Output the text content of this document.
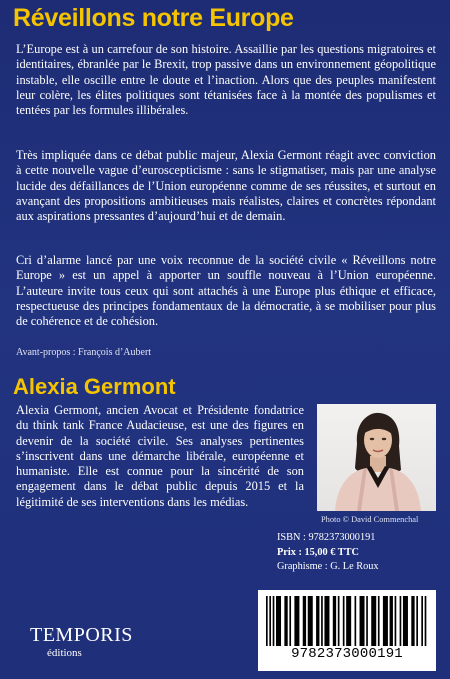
Réveillons notre Europe

L’Europe est à un carrefour de son histoire. Assaillie par les questions migratoires et identitaires, ébranlée par le Brexit, trop passive dans un environnement géopolitique instable, elle oscille entre le doute et l’inaction. Alors que des peuples manifestent leur colère, les élites politiques sont tétanisées face à la montée des populismes et tentées par les formules illibérales.

Très impliquée dans ce débat public majeur, Alexia Germont réagit avec conviction à cette nouvelle vague d’euroscepticisme : sans le stigmatiser, mais par une analyse lucide des défaillances de l’Union européenne comme de ses réussites, et surtout en avançant des propositions ambitieuses mais réalistes, claires et concrètes répondant aux aspirations pressantes d’aujourd’hui et de demain.

Cri d’alarme lancé par une voix reconnue de la société civile « Réveillons notre Europe » est un appel à apporter un souffle nouveau à l’Union européenne. L’auteure invite tous ceux qui sont attachés à une Europe plus éthique et efficace, respectueuse des principes fondamentaux de la démocratie, à se mobiliser pour plus de cohérence et de cohésion.

Avant-propos : François d’Aubert
Alexia Germont

Alexia Germont, ancien Avocat et Présidente fondatrice du think tank France Audacieuse, est une des figures en devenir de la société civile. Ses analyses pertinentes s’inscrivent dans une démarche libérale, européenne et humaniste. Elle est connue pour la sincérité de son engagement dans le débat public depuis 2015 et la légitimité de ses interventions dans les médias.

Photo © David Commenchal
ISBN : 9782373000191
Prix : 15,00 € TTC
Graphisme : G. Le Roux
9782373000191
TEMPORIS
éditions
